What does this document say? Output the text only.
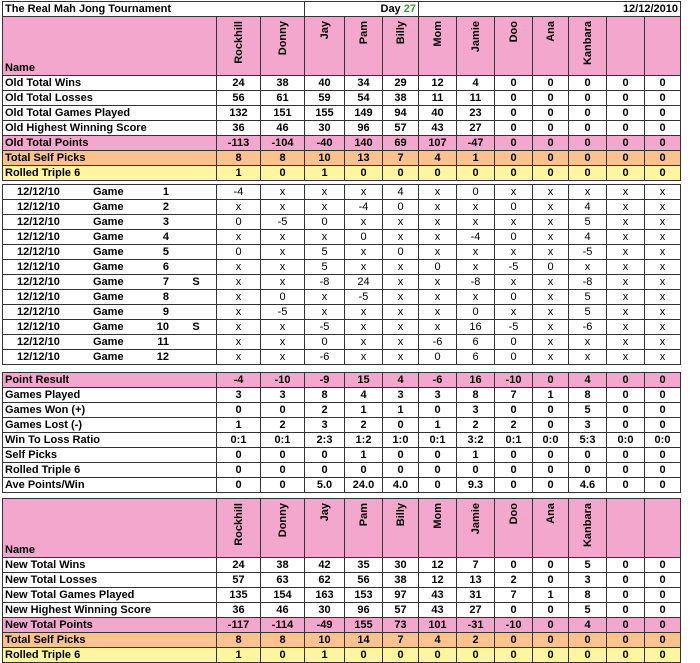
The Real Mah Jong Tournament			Day 27			12/12/2010						
Name	Rockhill	Donny	Jay	Pam	Billy	Mom	Jamie	Doo	Ana	Kanbara		

Old Total Wins	24	38	40	34	29	12	4	0	0	0	0	0
Old Total Losses	56	61	59	54	38	11	11	0	0	0	0	0
Old Total Games Played	132	151	155	149	94	40	23	0	0	0	0	0
Old Highest Winning Score	36	46	30	96	57	43	27	0	0	0	0	0
Old Total Points	-113	-104	-40	140	69	107	-47	0	0	0	0	0
Total Self Picks	8	8	10	13	7	4	1	0	0	0	0	0
Rolled Triple 6	1	0	1	0	0	0	0	0	0	0	0	0
12/12/10 Game 1	-4	x	x	x	4	x	0	x	x	x	x	x

12/12/10 Game 2	x	x	x	-4	0	x	x	0	x	4	x	x

12/12/10 Game 3	0	-5	0	x	x	x	x	x	x	5	x	x

12/12/10 Game 4	x	x	x	0	x	x	-4	0	x	4	x	x

12/12/10 Game 5	0	x	5	x	0	x	x	x	x	-5	x	x

12/12/10 Game 6	x	x	5	x	x	0	x	-5	0	x	x	x

12/12/10 Game 7 S	x	x	-8	24	x	x	-8	x	x	-8	x	x

12/12/10 Game 8	x	0	x	-5	x	x	x	0	x	5	x	x

12/12/10 Game 9	x	-5	x	x	x	x	0	x	x	5	x	x

12/12/10 Game 10 S	x	x	-5	x	x	x	16	-5	x	-6	x	x

12/12/10 Game 11	x	x	0	x	x	-6	6	0	x	x	x	x

12/12/10 Game 12	x	x	-6	x	x	0	6	0	x	x	x	x
Point Result	-4	-10	-9	15	4	-6	16	-10	0	4	0	0
Games Played	3	3	8	4	3	3	8	7	1	8	0	0
Games Won (+)	0	0	2	1	1	0	3	0	0	5	0	0
Games Lost (-)	1	2	3	2	0	1	2	2	0	3	0	0
Win To Loss Ratio	0:1	0:1	2:3	1:2	1:0	0:1	3:2	0:1	0:0	5:3	0:0	0:0
Self Picks	0	0	0	1	0	0	1	0	0	0	0	0
Rolled Triple 6	0	0	0	0	0	0	0	0	0	0	0	0
Ave Points/Win	0	0	5.0	24.0	4.0	0	9.3	0	0	4.6	0	0
Name	Rockhill	Donny	Jay	Pam	Billy	Mom	Jamie	Doo	Ana	Kanbara		

New Total Wins	24	38	42	35	30	12	7	0	0	5	0	0
New Total Losses	57	63	62	56	38	12	13	2	0	3	0	0
New Total Games Played	135	154	163	153	97	43	31	7	1	8	0	0
New Highest Winning Score	36	46	30	96	57	43	27	0	0	5	0	0
New Total Points	-117	-114	-49	155	73	101	-31	-10	0	4	0	0
Total Self Picks	8	8	10	14	7	4	2	0	0	0	0	0
Rolled Triple 6	1	0	1	0	0	0	0	0	0	0	0	0
